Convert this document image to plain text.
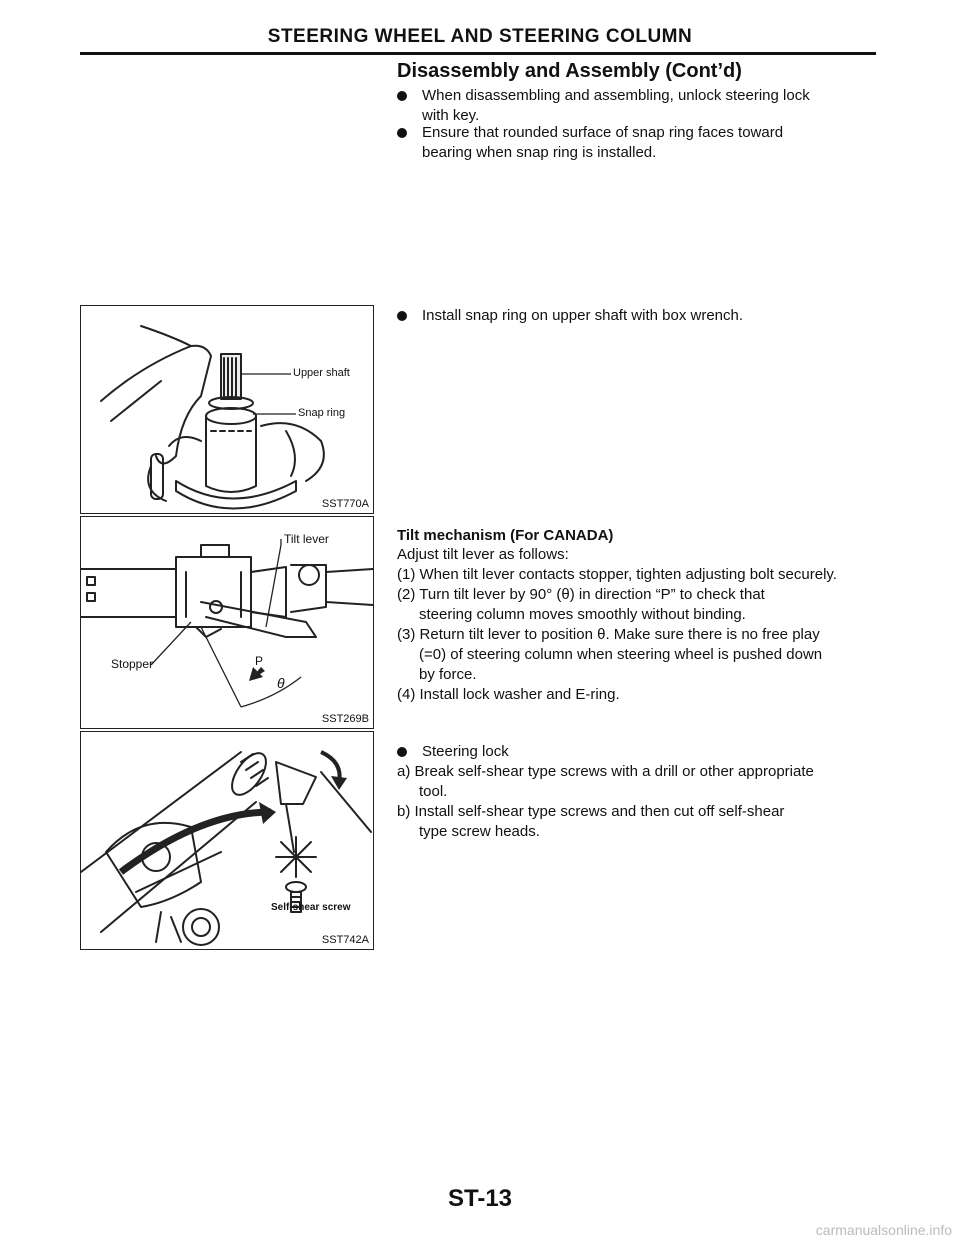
STEERING WHEEL AND STEERING COLUMN
Disassembly and Assembly (Cont’d)
When disassembling and assembling, unlock steering lock
with key.
Ensure that rounded surface of snap ring faces toward
bearing when snap ring is installed.
Install snap ring on upper shaft with box wrench.
Tilt mechanism (For CANADA)
Adjust tilt lever as follows:
(1) When tilt lever contacts stopper, tighten adjusting bolt securely.
(2) Turn tilt lever by 90° (θ) in direction “P” to check that
steering column moves smoothly without binding.
(3) Return tilt lever to position θ. Make sure there is no free play
(=0) of steering column when steering wheel is pushed down
by force.
(4) Install lock washer and E-ring.
Steering lock
a) Break self-shear type screws with a drill or other appropriate
tool.
b) Install self-shear type screws and then cut off self-shear
type screw heads.
Upper shaft
Snap ring
SST770A
Tilt lever
Stopper	P
θ
SST269B
Self-shear screw
SST742A
ST-13
carmanualsonline.info
